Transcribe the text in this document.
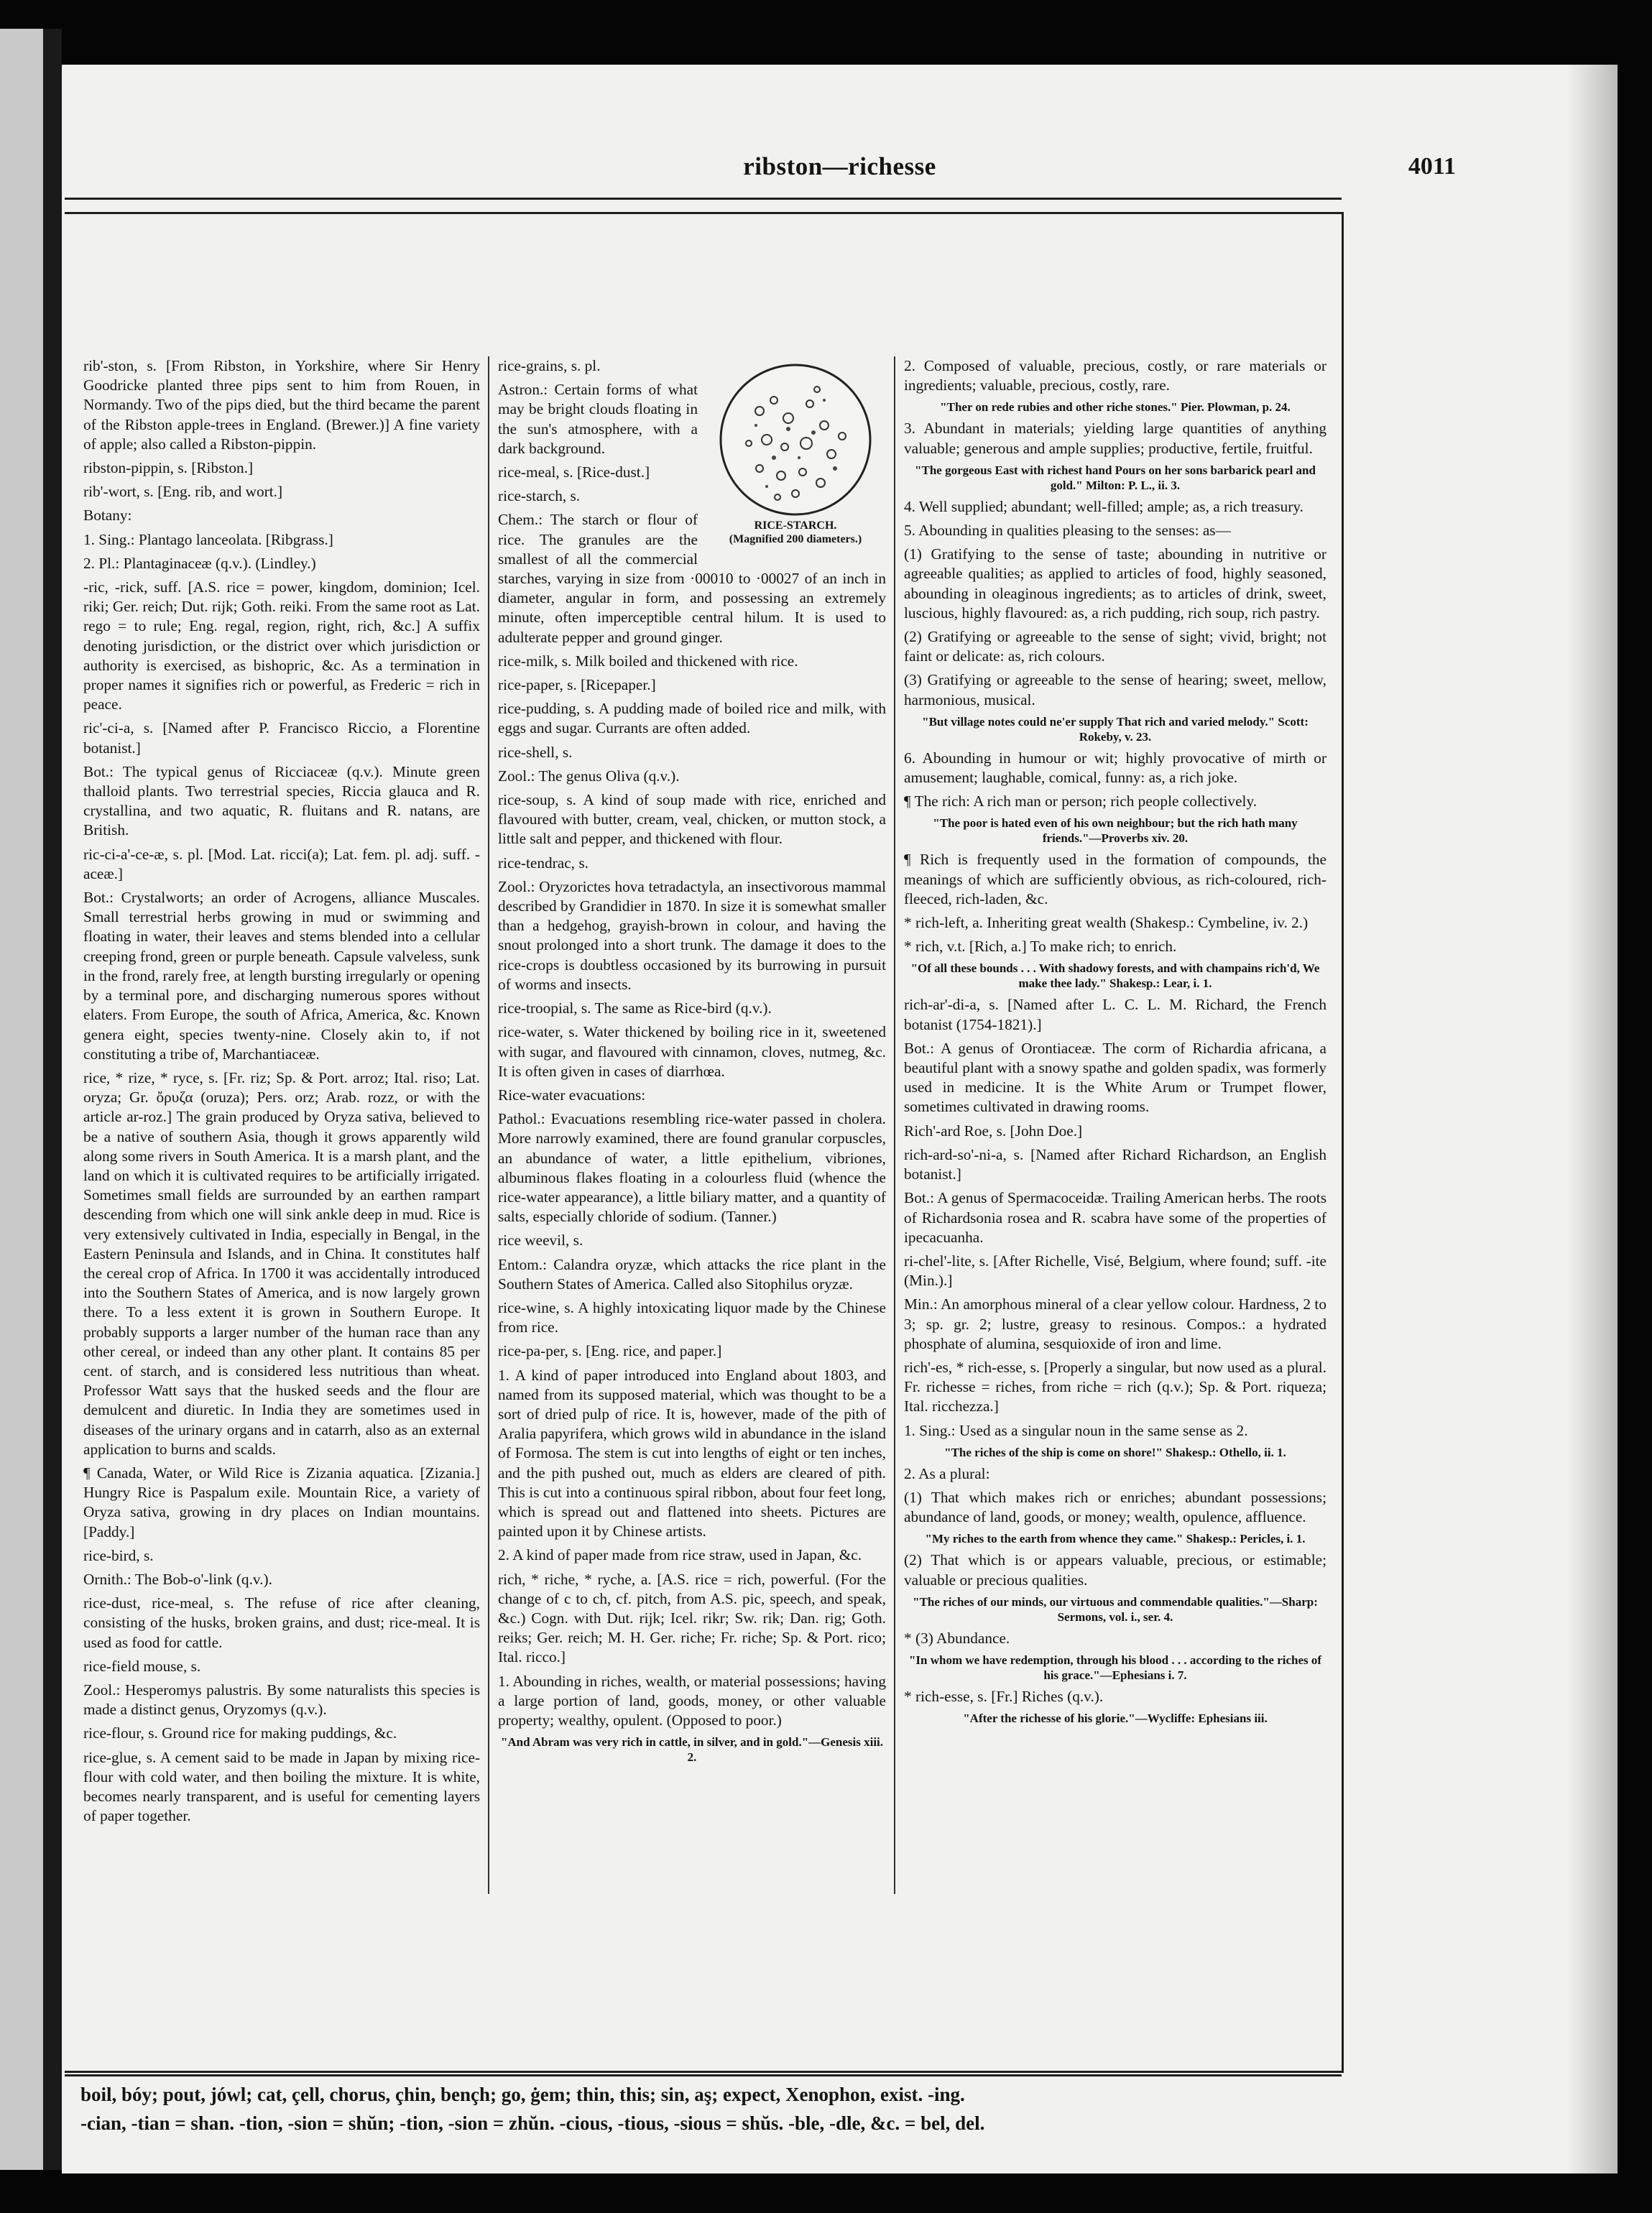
ribston—richesse	4011
rib'-ston, s. [From Ribston, in Yorkshire, where Sir Henry Goodricke planted three pips sent to him from Rouen, in Normandy. Two of the pips died, but the third became the parent of the Ribston apple-trees in England. (Brewer.)] A fine variety of apple; also called a Ribston-pippin.
ribston-pippin, s. [Ribston.]
rib'-wort, s. [Eng. rib, and wort.]
Botany:
1. Sing.: Plantago lanceolata. [Ribgrass.]
2. Pl.: Plantaginaceæ (q.v.). (Lindley.)
-ric, -rick, suff. [A.S. rice = power, kingdom, dominion; Icel. riki; Ger. reich; Dut. rijk; Goth. reiki. From the same root as Lat. rego = to rule; Eng. regal, region, right, rich, &c.] A suffix denoting jurisdiction, or the district over which jurisdiction or authority is exercised, as bishopric, &c. As a termination in proper names it signifies rich or powerful, as Frederic = rich in peace.
ric'-ci-a, s. [Named after P. Francisco Riccio, a Florentine botanist.]
Bot.: The typical genus of Ricciaceæ (q.v.). Minute green thalloid plants. Two terrestrial species, Riccia glauca and R. crystallina, and two aquatic, R. fluitans and R. natans, are British.
ric-ci-a'-ce-æ, s. pl. [Mod. Lat. ricci(a); Lat. fem. pl. adj. suff. -aceæ.]
Bot.: Crystalworts; an order of Acrogens, alliance Muscales. Small terrestrial herbs growing in mud or swimming and floating in water, their leaves and stems blended into a cellular creeping frond, green or purple beneath. Capsule valveless, sunk in the frond, rarely free, at length bursting irregularly or opening by a terminal pore, and discharging numerous spores without elaters. From Europe, the south of Africa, America, &c. Known genera eight, species twenty-nine. Closely akin to, if not constituting a tribe of, Marchantiaceæ.
rice, * rize, * ryce, s. [Fr. riz; Sp. & Port. arroz; Ital. riso; Lat. oryza; Gr. ὄρυζα (oruza); Pers. orz; Arab. rozz, or with the article ar-roz.] The grain produced by Oryza sativa, believed to be a native of southern Asia, though it grows apparently wild along some rivers in South America. It is a marsh plant, and the land on which it is cultivated requires to be artificially irrigated. Sometimes small fields are surrounded by an earthen rampart descending from which one will sink ankle deep in mud. Rice is very extensively cultivated in India, especially in Bengal, in the Eastern Peninsula and Islands, and in China. It constitutes half the cereal crop of Africa. In 1700 it was accidentally introduced into the Southern States of America, and is now largely grown there. To a less extent it is grown in Southern Europe. It probably supports a larger number of the human race than any other cereal, or indeed than any other plant. It contains 85 per cent. of starch, and is considered less nutritious than wheat. Professor Watt says that the husked seeds and the flour are demulcent and diuretic. In India they are sometimes used in diseases of the urinary organs and in catarrh, also as an external application to burns and scalds.
¶ Canada, Water, or Wild Rice is Zizania aquatica. [Zizania.] Hungry Rice is Paspalum exile. Mountain Rice, a variety of Oryza sativa, growing in dry places on Indian mountains. [Paddy.]
rice-bird, s.
Ornith.: The Bob-o'-link (q.v.).
rice-dust, rice-meal, s. The refuse of rice after cleaning, consisting of the husks, broken grains, and dust; rice-meal. It is used as food for cattle.
rice-field mouse, s.
Zool.: Hesperomys palustris. By some naturalists this species is made a distinct genus, Oryzomys (q.v.).
rice-flour, s. Ground rice for making puddings, &c.
rice-glue, s. A cement said to be made in Japan by mixing rice-flour with cold water, and then boiling the mixture. It is white, becomes nearly transparent, and is useful for cementing layers of paper together.
RICE-STARCH.
(Magnified 200 diameters.)
rice-grains, s. pl.
Astron.: Certain forms of what may be bright clouds floating in the sun's atmosphere, with a dark background.
rice-meal, s. [Rice-dust.]
rice-starch, s.
Chem.: The starch or flour of rice. The granules are the smallest of all the commercial starches, varying in size from ·00010 to ·00027 of an inch in diameter, angular in form, and possessing an extremely minute, often imperceptible central hilum. It is used to adulterate pepper and ground ginger.
rice-milk, s. Milk boiled and thickened with rice.
rice-paper, s. [Ricepaper.]
rice-pudding, s. A pudding made of boiled rice and milk, with eggs and sugar. Currants are often added.
rice-shell, s.
Zool.: The genus Oliva (q.v.).
rice-soup, s. A kind of soup made with rice, enriched and flavoured with butter, cream, veal, chicken, or mutton stock, a little salt and pepper, and thickened with flour.
rice-tendrac, s.
Zool.: Oryzorictes hova tetradactyla, an insectivorous mammal described by Grandidier in 1870. In size it is somewhat smaller than a hedgehog, grayish-brown in colour, and having the snout prolonged into a short trunk. The damage it does to the rice-crops is doubtless occasioned by its burrowing in pursuit of worms and insects.
rice-troopial, s. The same as Rice-bird (q.v.).
rice-water, s. Water thickened by boiling rice in it, sweetened with sugar, and flavoured with cinnamon, cloves, nutmeg, &c. It is often given in cases of diarrhœa.
Rice-water evacuations:
Pathol.: Evacuations resembling rice-water passed in cholera. More narrowly examined, there are found granular corpuscles, an abundance of water, a little epithelium, vibriones, albuminous flakes floating in a colourless fluid (whence the rice-water appearance), a little biliary matter, and a quantity of salts, especially chloride of sodium. (Tanner.)
rice weevil, s.
Entom.: Calandra oryzæ, which attacks the rice plant in the Southern States of America. Called also Sitophilus oryzæ.
rice-wine, s. A highly intoxicating liquor made by the Chinese from rice.
rice-pa-per, s. [Eng. rice, and paper.]
1. A kind of paper introduced into England about 1803, and named from its supposed material, which was thought to be a sort of dried pulp of rice. It is, however, made of the pith of Aralia papyrifera, which grows wild in abundance in the island of Formosa. The stem is cut into lengths of eight or ten inches, and the pith pushed out, much as elders are cleared of pith. This is cut into a continuous spiral ribbon, about four feet long, which is spread out and flattened into sheets. Pictures are painted upon it by Chinese artists.
2. A kind of paper made from rice straw, used in Japan, &c.
rich, * riche, * ryche, a. [A.S. rice = rich, powerful. (For the change of c to ch, cf. pitch, from A.S. pic, speech, and speak, &c.) Cogn. with Dut. rijk; Icel. rikr; Sw. rik; Dan. rig; Goth. reiks; Ger. reich; M. H. Ger. riche; Fr. riche; Sp. & Port. rico; Ital. ricco.]
1. Abounding in riches, wealth, or material possessions; having a large portion of land, goods, money, or other valuable property; wealthy, opulent. (Opposed to poor.)
"And Abram was very rich in cattle, in silver, and in gold."—Genesis xiii. 2.
2. Composed of valuable, precious, costly, or rare materials or ingredients; valuable, precious, costly, rare.
"Ther on rede rubies and other riche stones." Pier. Plowman, p. 24.
3. Abundant in materials; yielding large quantities of anything valuable; generous and ample supplies; productive, fertile, fruitful.
"The gorgeous East with richest hand Pours on her sons barbarick pearl and gold." Milton: P. L., ii. 3.
4. Well supplied; abundant; well-filled; ample; as, a rich treasury.
5. Abounding in qualities pleasing to the senses: as—
(1) Gratifying to the sense of taste; abounding in nutritive or agreeable qualities; as applied to articles of food, highly seasoned, abounding in oleaginous ingredients; as to articles of drink, sweet, luscious, highly flavoured: as, a rich pudding, rich soup, rich pastry.
(2) Gratifying or agreeable to the sense of sight; vivid, bright; not faint or delicate: as, rich colours.
(3) Gratifying or agreeable to the sense of hearing; sweet, mellow, harmonious, musical.
"But village notes could ne'er supply That rich and varied melody." Scott: Rokeby, v. 23.
6. Abounding in humour or wit; highly provocative of mirth or amusement; laughable, comical, funny: as, a rich joke.
¶ The rich: A rich man or person; rich people collectively.
"The poor is hated even of his own neighbour; but the rich hath many friends."—Proverbs xiv. 20.
¶ Rich is frequently used in the formation of compounds, the meanings of which are sufficiently obvious, as rich-coloured, rich-fleeced, rich-laden, &c.
* rich-left, a. Inheriting great wealth (Shakesp.: Cymbeline, iv. 2.)
* rich, v.t. [Rich, a.] To make rich; to enrich.
"Of all these bounds . . . With shadowy forests, and with champains rich'd, We make thee lady." Shakesp.: Lear, i. 1.
rich-ar'-di-a, s. [Named after L. C. L. M. Richard, the French botanist (1754-1821).]
Bot.: A genus of Orontiaceæ. The corm of Richardia africana, a beautiful plant with a snowy spathe and golden spadix, was formerly used in medicine. It is the White Arum or Trumpet flower, sometimes cultivated in drawing rooms.
Rich'-ard Roe, s. [John Doe.]
rich-ard-so'-ni-a, s. [Named after Richard Richardson, an English botanist.]
Bot.: A genus of Spermacoceidæ. Trailing American herbs. The roots of Richardsonia rosea and R. scabra have some of the properties of ipecacuanha.
ri-chel'-lite, s. [After Richelle, Visé, Belgium, where found; suff. -ite (Min.).]
Min.: An amorphous mineral of a clear yellow colour. Hardness, 2 to 3; sp. gr. 2; lustre, greasy to resinous. Compos.: a hydrated phosphate of alumina, sesquioxide of iron and lime.
rich'-es, * rich-esse, s. [Properly a singular, but now used as a plural. Fr. richesse = riches, from riche = rich (q.v.); Sp. & Port. riqueza; Ital. ricchezza.]
1. Sing.: Used as a singular noun in the same sense as 2.
"The riches of the ship is come on shore!" Shakesp.: Othello, ii. 1.
2. As a plural:
(1) That which makes rich or enriches; abundant possessions; abundance of land, goods, or money; wealth, opulence, affluence.
"My riches to the earth from whence they came." Shakesp.: Pericles, i. 1.
(2) That which is or appears valuable, precious, or estimable; valuable or precious qualities.
"The riches of our minds, our virtuous and commendable qualities."—Sharp: Sermons, vol. i., ser. 4.
* (3) Abundance.
"In whom we have redemption, through his blood . . . according to the riches of his grace."—Ephesians i. 7.
* rich-esse, s. [Fr.] Riches (q.v.).
"After the richesse of his glorie."—Wycliffe: Ephesians iii.
boil, bóy; pout, jówl; cat, çell, chorus, çhin, bençh; go, ġem; thin, this; sin, aş; expect, Xenophon, exist. -ing.
-cian, -tian = shan. -tion, -sion = shŭn; -tion, -sion = zhŭn. -cious, -tious, -sious = shŭs. -ble, -dle, &c. = bel, del.
